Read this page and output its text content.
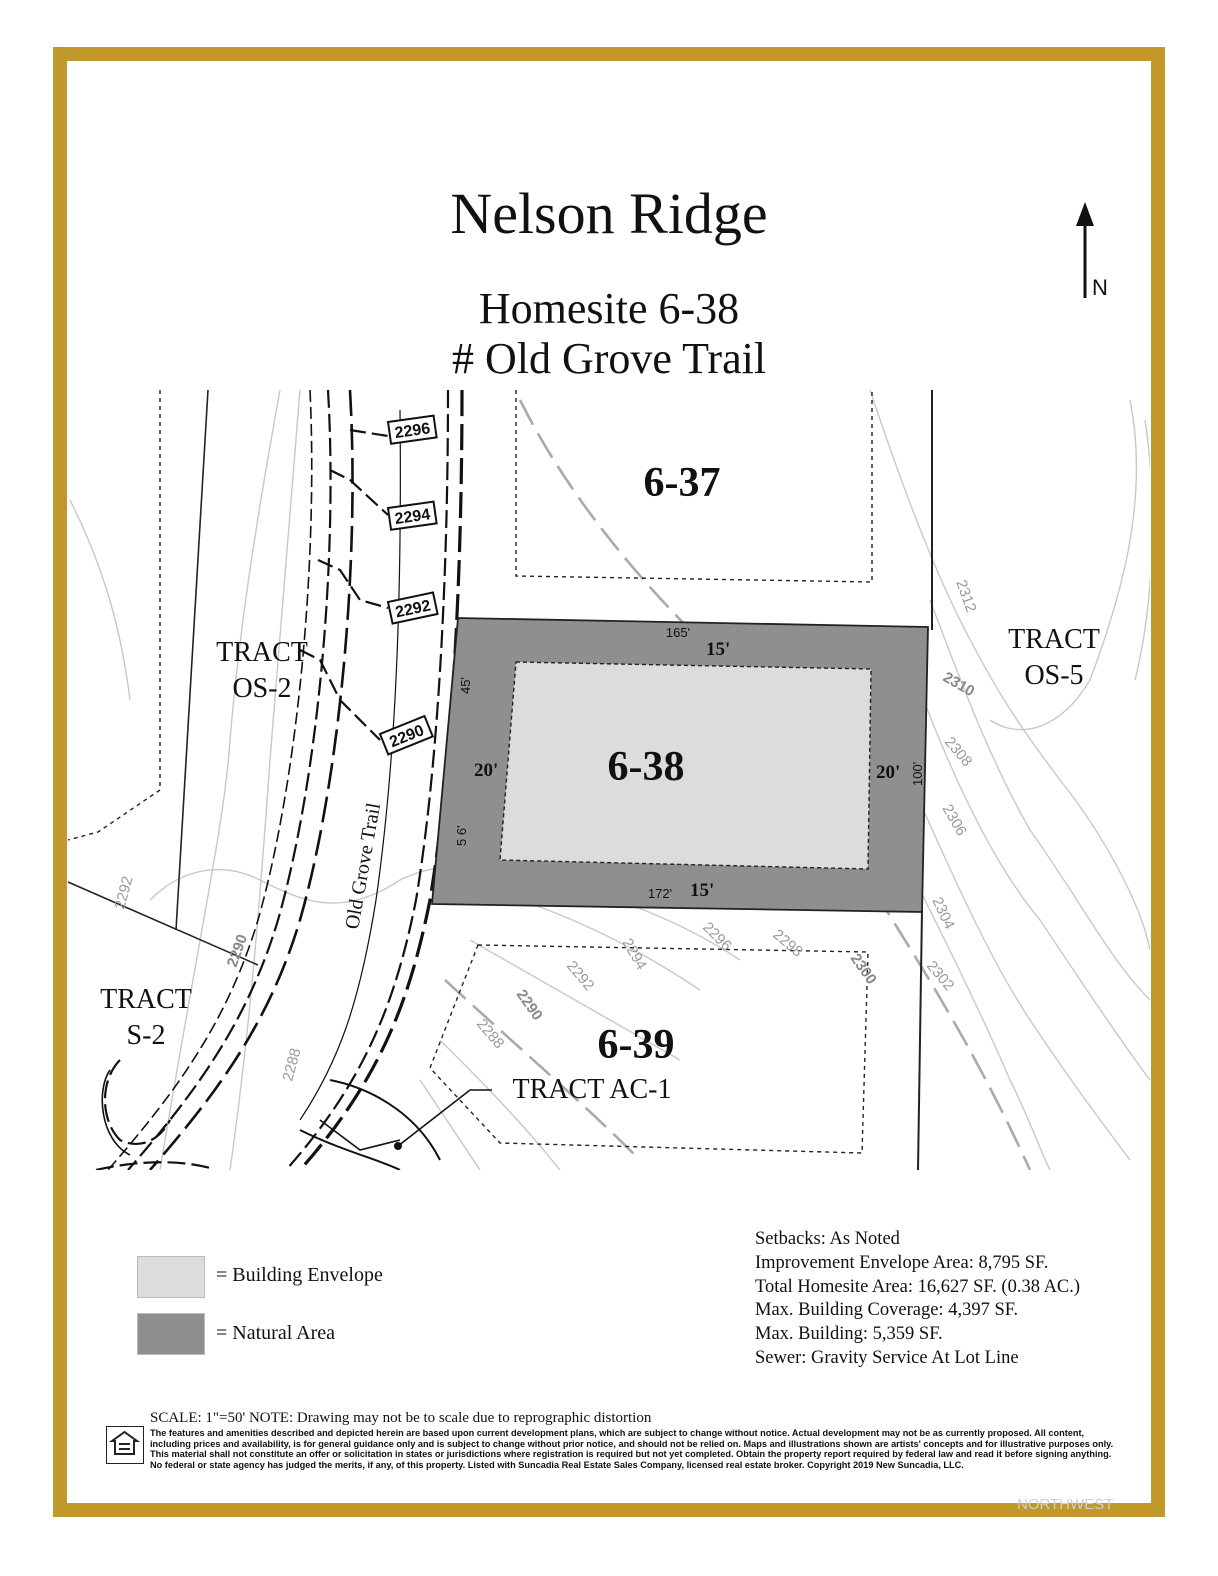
Nelson Ridge
Homesite 6-38
# Old Grove Trail
N
2296
2294
2292
2290
2312
2310
2308
2306
2304
2302
2300
2298
2296
2294
2292
2290
2288
2292
2290
2288
6-37
6-38
6-39
TRACT
OS-2
TRACT
OS-5
TRACT
S-2
TRACT AC-1
Old Grove Trail
165'
172'
100'
45'
5 6'
15'
15'
20'	20'
= Building Envelope
= Natural Area
Setbacks: As Noted
Improvement Envelope Area: 8,795 SF.
Total Homesite Area: 16,627 SF. (0.38 AC.)
Max. Building Coverage: 4,397 SF.
Max. Building: 5,359 SF.
Sewer: Gravity Service At Lot Line
SCALE: 1"=50' NOTE: Drawing may not be to scale due to reprographic distortion
The features and amenities described and depicted herein are based upon current development plans, which are subject to change without notice. Actual development may not be as currently proposed. All content, including prices and availability, is for general guidance only and is subject to change without prior notice, and should not be relied on. Maps and illustrations shown are artists' concepts and for illustrative purposes only. This material shall not constitute an offer or solicitation in states or jurisdictions where registration is required but not yet completed. Obtain the property report required by federal law and read it before signing anything. No federal or state agency has judged the merits, if any, of this property. Listed with Suncadia Real Estate Sales Company, licensed real estate broker. Copyright 2019 New Suncadia, LLC.
NORTHWEST
